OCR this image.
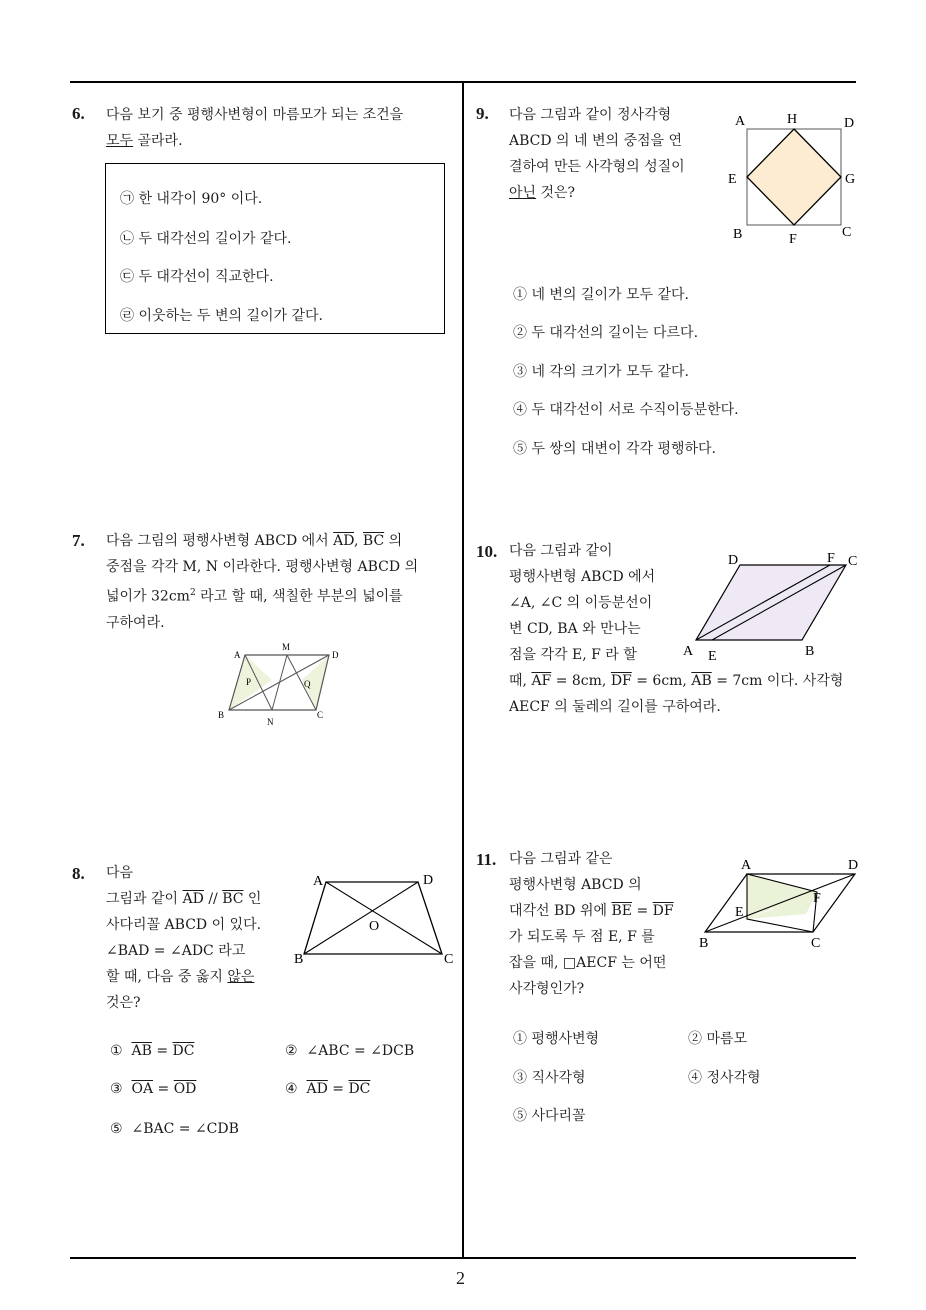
6. 다음 보기 중 평행사변형이 마름모가 되는 조건을
모두 골라라.
㉠ 한 내각이 90° 이다.
㉡ 두 대각선의 길이가 같다.
㉢ 두 대각선이 직교한다.
㉣ 이웃하는 두 변의 길이가 같다.
7. 다음 그림의 평행사변형 ABCD 에서 $\overline{AD}$, $\overline{BC}$ 의
중점을 각각 M, N 이라한다. 평행사변형 ABCD 의
넓이가 $32cm^2$ 라고 할 때, 색칠한 부분의 넓이를
구하여라.
A
M
D
P	Q
B
N
C
8. 다음
그림과 같이 $\overline{AD} // \overline{BC}$ 인
사다리꼴 ABCD 이 있다.
∠BAD = ∠ADC 라고
할 때, 다음 중 옳지 않은
것은?
A	D
O
B	C
① $\overline{AB} = \overline{DC}$	② ∠ABC = ∠DCB
③ $\overline{OA} = \overline{OD}$	④ $\overline{AD} = \overline{DC}$
⑤ ∠BAC = ∠CDB
9. 다음 그림과 같이 정사각형
ABCD 의 네 변의 중점을 연
결하여 만든 사각형의 성질이
아닌 것은?
A	H	D
E	G
B	F	C
① 네 변의 길이가 모두 같다.
② 두 대각선의 길이는 다르다.
③ 네 각의 크기가 모두 같다.
④ 두 대각선이 서로 수직이등분한다.
⑤ 두 쌍의 대변이 각각 평행하다.
10. 다음 그림과 같이
평행사변형 ABCD 에서
∠A, ∠C 의 이등분선이
변 CD, BA 와 만나는
점을 각각 E, F 라 할
때, $\overline{AF} = 8cm$, $\overline{DF} = 6cm$, $\overline{AB} = 7cm$ 이다. 사각형
AECF 의 둘레의 길이를 구하여라.
D	F C
A E	B
11. 다음 그림과 같은
평행사변형 ABCD 의
대각선 BD 위에 $\overline{BE} = \overline{DF}$
가 되도록 두 점 E, F 를
잡을 때, □AECF 는 어떤
사각형인가?
A	D
E
F
B	C
① 평행사변형	② 마름모
③ 직사각형	④ 정사각형
⑤ 사다리꼴
2
